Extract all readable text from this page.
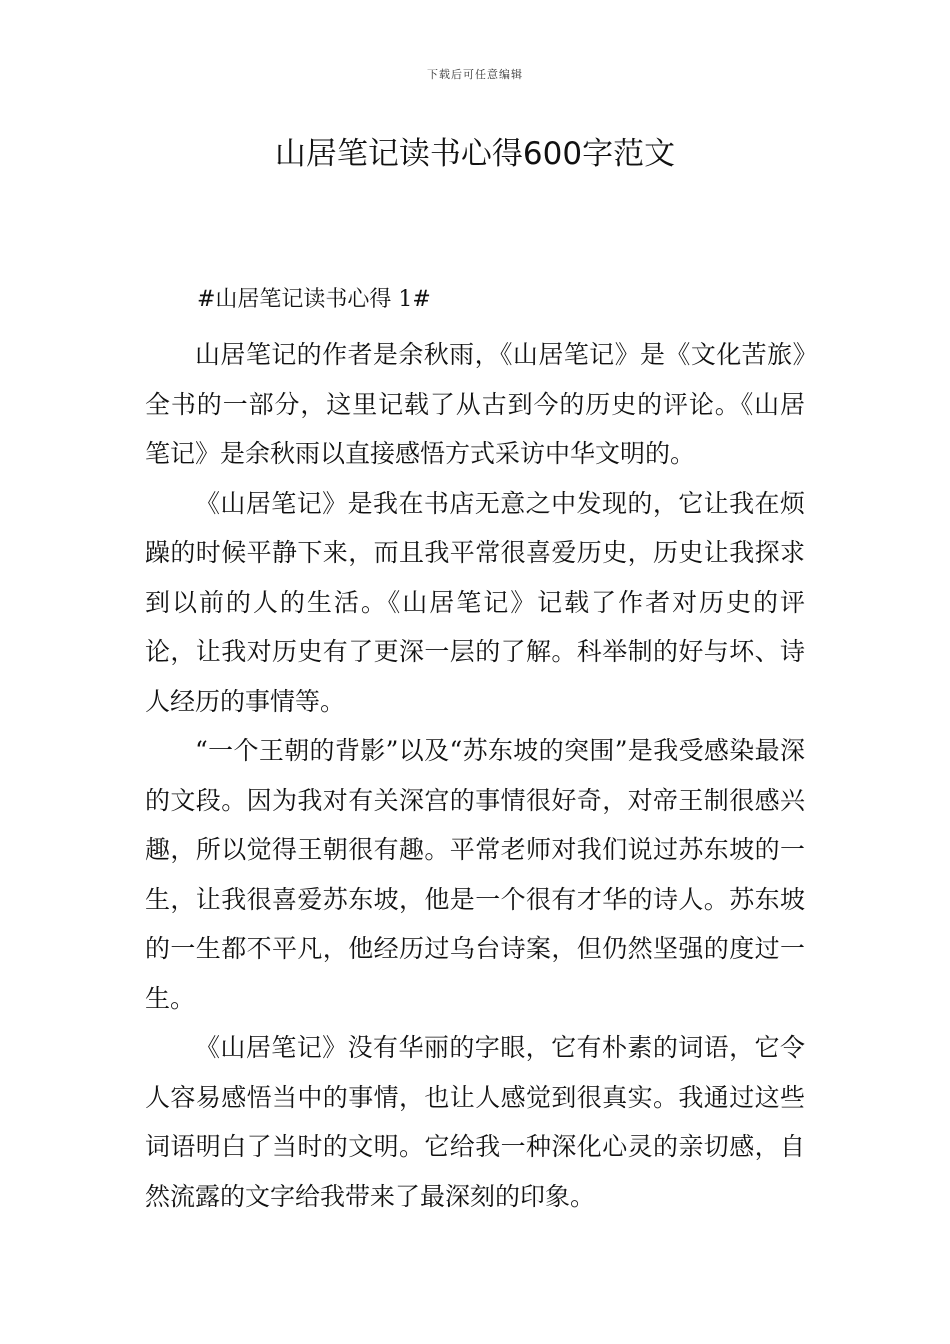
下载后可任意编辑
山居笔记读书心得600字范文
#山居笔记读书心得 1#

山居笔记的作者是余秋雨，《山居笔记》是《文化苦旅》全书的一部分，这里记载了从古到今的历史的评论。《山居笔记》是余秋雨以直接感悟方式采访中华文明的。

《山居笔记》是我在书店无意之中发现的，它让我在烦躁的时候平静下来，而且我平常很喜爱历史，历史让我探求到以前的人的生活。《山居笔记》记载了作者对历史的评论，让我对历史有了更深一层的了解。科举制的好与坏、诗人经历的事情等。

“一个王朝的背影”以及“苏东坡的突围”是我受感染最深的文段。因为我对有关深宫的事情很好奇，对帝王制很感兴趣，所以觉得王朝很有趣。平常老师对我们说过苏东坡的一生，让我很喜爱苏东坡，他是一个很有才华的诗人。苏东坡的一生都不平凡，他经历过乌台诗案，但仍然坚强的度过一生。

《山居笔记》没有华丽的字眼，它有朴素的词语，它令人容易感悟当中的事情，也让人感觉到很真实。我通过这些词语明白了当时的文明。它给我一种深化心灵的亲切感，自然流露的文字给我带来了最深刻的印象。
